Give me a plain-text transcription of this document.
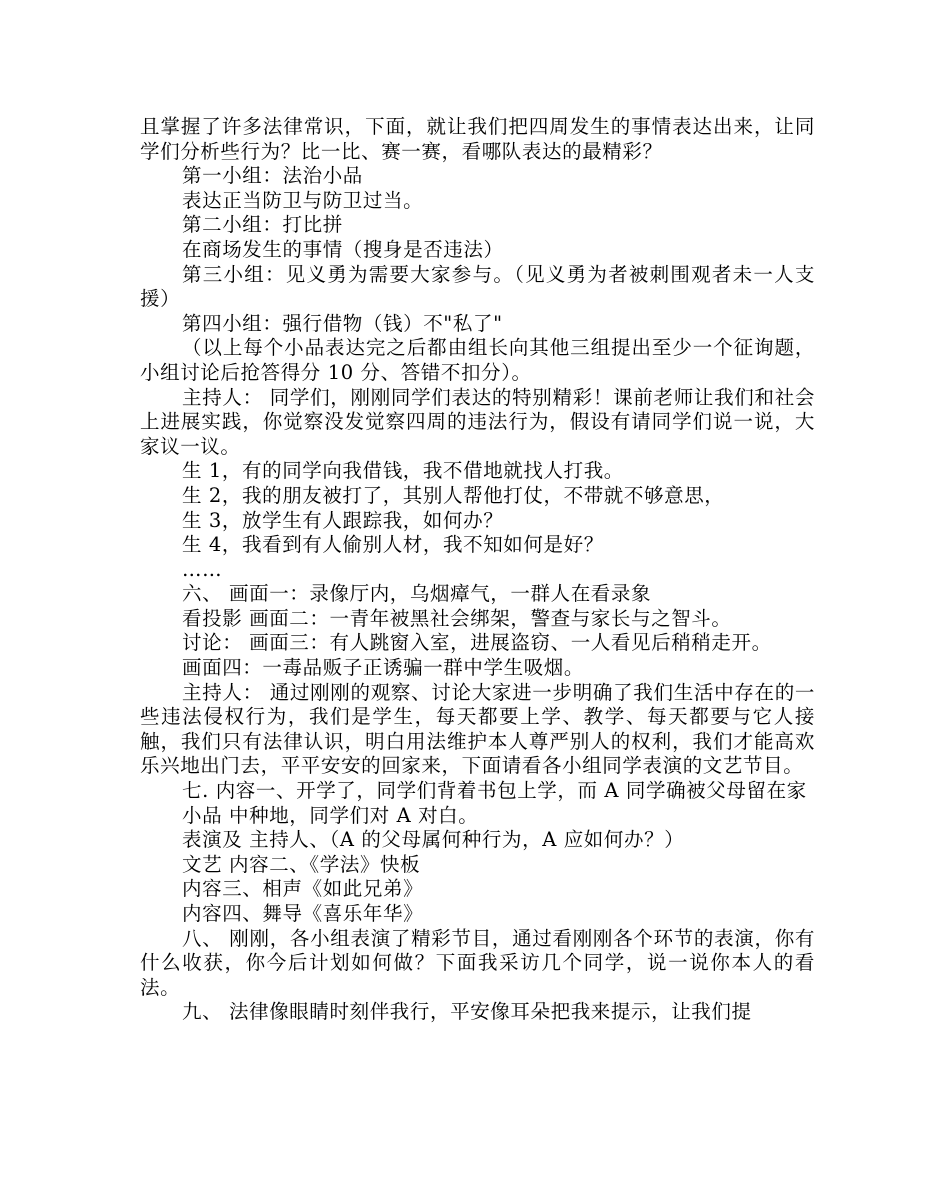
且掌握了许多法律常识，下面，就让我们把四周发生的事情表达出来，让同学们分析些行为？比一比、赛一赛，看哪队表达的最精彩？

第一小组：法治小品

表达正当防卫与防卫过当。

第二小组：打比拼

在商场发生的事情（搜身是否违法）

第三小组：见义勇为需要大家参与。（见义勇为者被刺围观者未一人支援）

第四小组：强行借物（钱）不"私了"

（以上每个小品表达完之后都由组长向其他三组提出至少一个征询题，小组讨论后抢答得分 10 分、答错不扣分）。

主持人： 同学们，刚刚同学们表达的特别精彩！课前老师让我们和社会上进展实践，你觉察没发觉察四周的违法行为，假设有请同学们说一说，大家议一议。

生 1，有的同学向我借钱，我不借地就找人打我。

生 2，我的朋友被打了，其别人帮他打仗，不带就不够意思，

生 3，放学生有人跟踪我，如何办？

生 4，我看到有人偷别人材，我不知如何是好？

……

六、 画面一：录像厅内，乌烟瘴气，一群人在看录象

看投影 画面二：一青年被黑社会绑架，警查与家长与之智斗。

讨论： 画面三：有人跳窗入室，进展盗窃、一人看见后稍稍走开。

画面四：一毒品贩子正诱骗一群中学生吸烟。

主持人： 通过刚刚的观察、讨论大家进一步明确了我们生活中存在的一些违法侵权行为，我们是学生，每天都要上学、教学、每天都要与它人接触，我们只有法律认识，明白用法维护本人尊严别人的权利，我们才能高欢乐兴地出门去，平平安安的回家来，下面请看各小组同学表演的文艺节目。

七. 内容一、开学了，同学们背着书包上学，而 A 同学确被父母留在家

小品 中种地，同学们对 A 对白。

表演及 主持人、（A 的父母属何种行为，A 应如何办？）

文艺 内容二、《学法》快板

内容三、相声《如此兄弟》

内容四、舞导《喜乐年华》

八、 刚刚，各小组表演了精彩节目，通过看刚刚各个环节的表演，你有什么收获，你今后计划如何做？下面我采访几个同学，说一说你本人的看法。

九、 法律像眼睛时刻伴我行，平安像耳朵把我来提示，让我们提
